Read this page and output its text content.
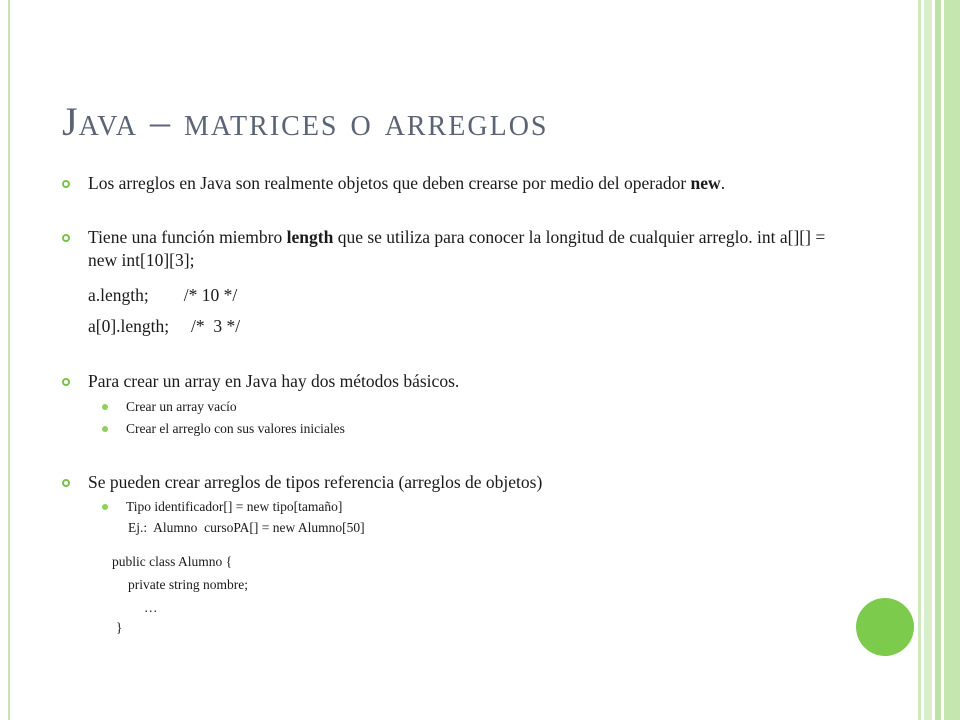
Java – matrices o arreglos
Los arreglos en Java son realmente objetos que deben crearse por medio del operador new.
Tiene una función miembro length que se utiliza para conocer la longitud de cualquier arreglo. int a[][] = new int[10][3];
a.length;        /* 10 */
a[0].length;     /*  3 */
Para crear un array en Java hay dos métodos básicos.
Crear un array vacío
Crear el arreglo con sus valores iniciales
Se pueden crear arreglos de tipos referencia (arreglos de objetos)
Tipo identificador[] = new tipo[tamaño]
Ej.:  Alumno  cursoPA[] = new Alumno[50]
public class Alumno {
private string nombre;
…
}
